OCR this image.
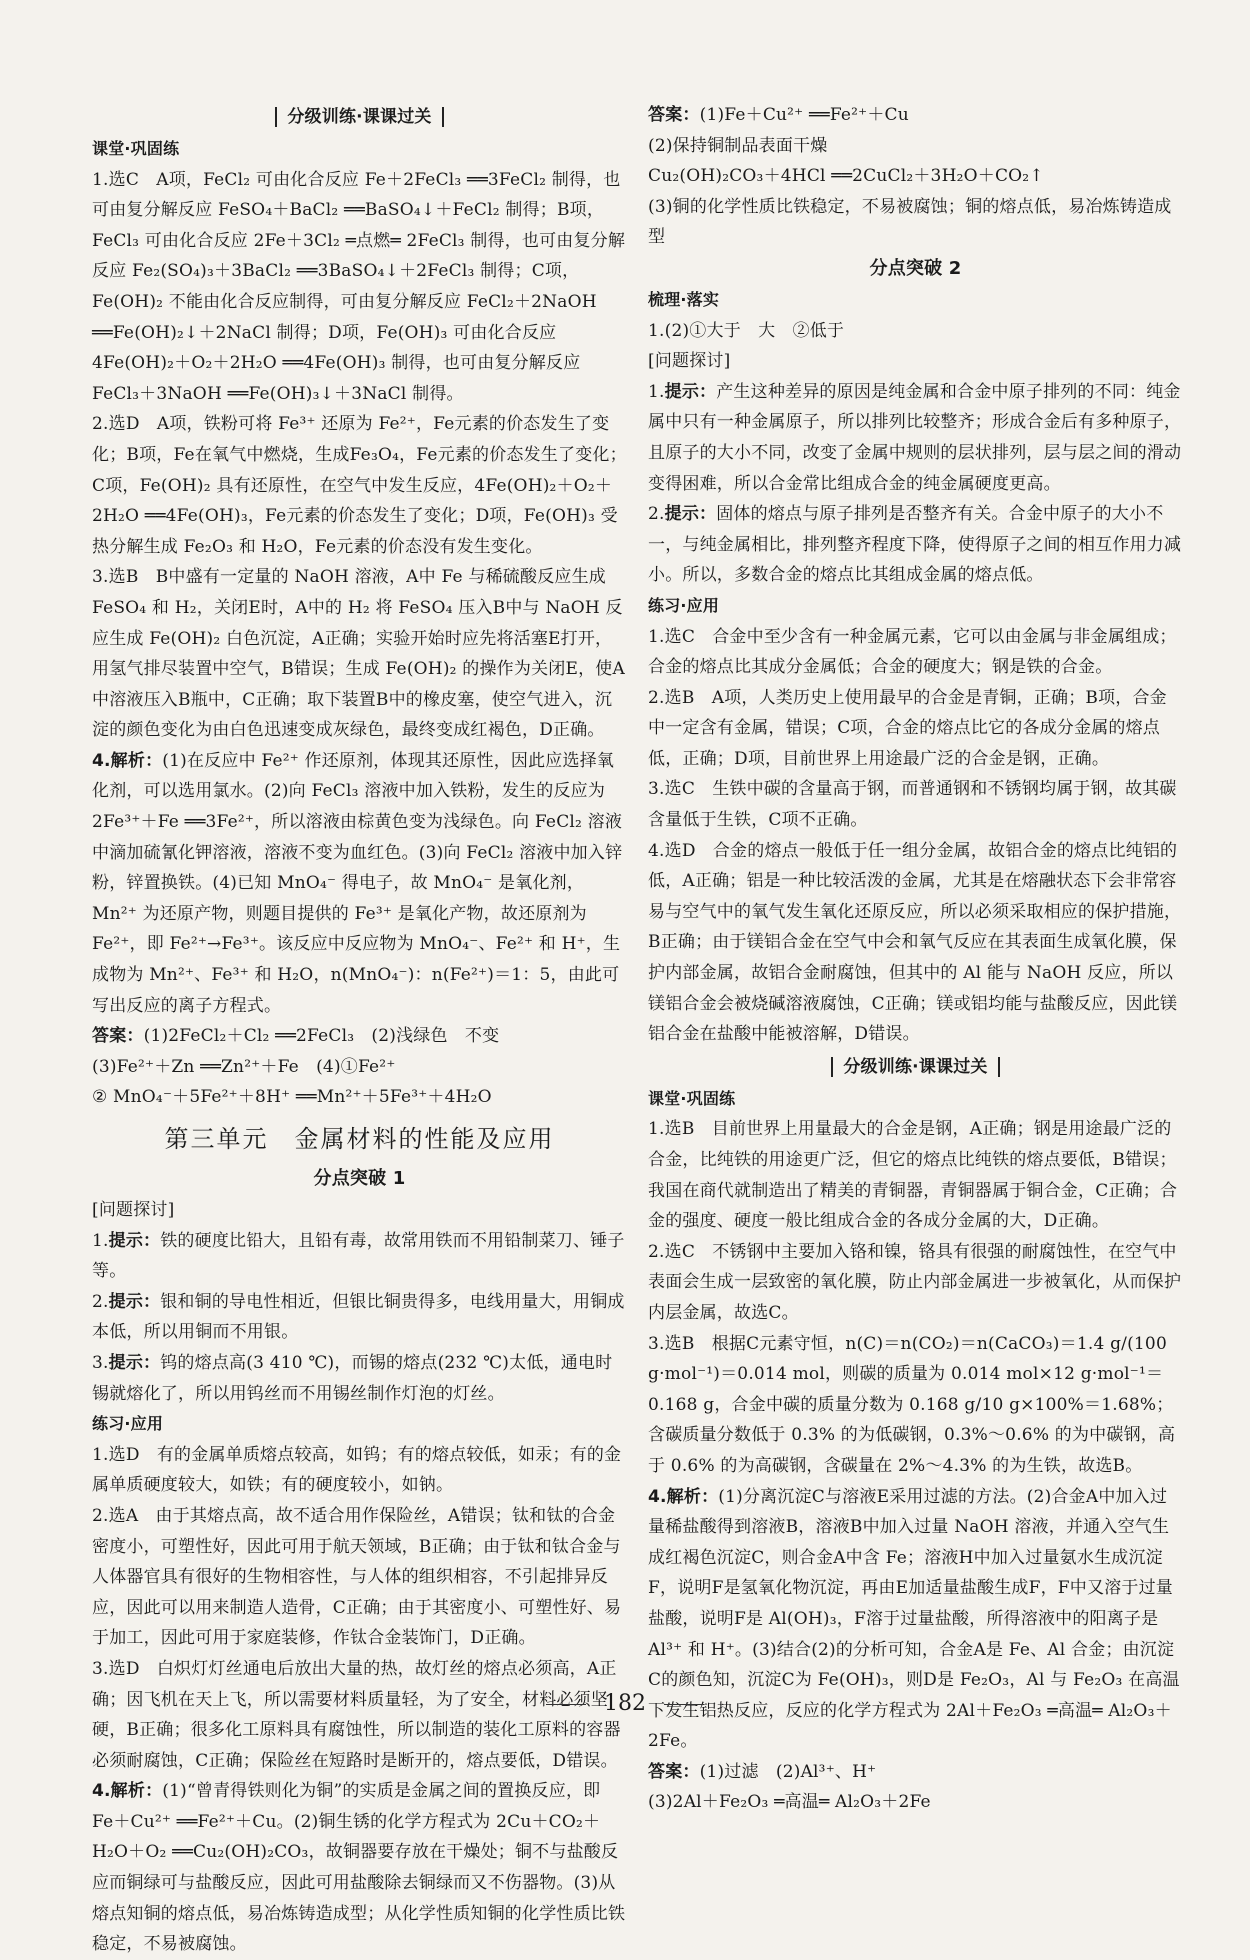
分级训练·课课过关
课堂·巩固练

1.选C　A项，FeCl₂ 可由化合反应 Fe＋2FeCl₃ ══3FeCl₂ 制得，也可由复分解反应 FeSO₄＋BaCl₂ ══BaSO₄↓＋FeCl₂ 制得；B项，FeCl₃ 可由化合反应 2Fe＋3Cl₂ ═点燃═ 2FeCl₃ 制得，也可由复分解反应 Fe₂(SO₄)₃＋3BaCl₂ ══3BaSO₄↓＋2FeCl₃ 制得；C项，Fe(OH)₂ 不能由化合反应制得，可由复分解反应 FeCl₂＋2NaOH ══Fe(OH)₂↓＋2NaCl 制得；D项，Fe(OH)₃ 可由化合反应 4Fe(OH)₂＋O₂＋2H₂O ══4Fe(OH)₃ 制得，也可由复分解反应 FeCl₃＋3NaOH ══Fe(OH)₃↓＋3NaCl 制得。

2.选D　A项，铁粉可将 Fe³⁺ 还原为 Fe²⁺，Fe元素的价态发生了变化；B项，Fe在氧气中燃烧，生成Fe₃O₄，Fe元素的价态发生了变化；C项，Fe(OH)₂ 具有还原性，在空气中发生反应，4Fe(OH)₂＋O₂＋2H₂O ══4Fe(OH)₃，Fe元素的价态发生了变化；D项，Fe(OH)₃ 受热分解生成 Fe₂O₃ 和 H₂O，Fe元素的价态没有发生变化。

3.选B　B中盛有一定量的 NaOH 溶液，A中 Fe 与稀硫酸反应生成 FeSO₄ 和 H₂，关闭E时，A中的 H₂ 将 FeSO₄ 压入B中与 NaOH 反应生成 Fe(OH)₂ 白色沉淀，A正确；实验开始时应先将活塞E打开，用氢气排尽装置中空气，B错误；生成 Fe(OH)₂ 的操作为关闭E，使A中溶液压入B瓶中，C正确；取下装置B中的橡皮塞，使空气进入，沉淀的颜色变化为由白色迅速变成灰绿色，最终变成红褐色，D正确。

4.解析：(1)在反应中 Fe²⁺ 作还原剂，体现其还原性，因此应选择氧化剂，可以选用氯水。(2)向 FeCl₃ 溶液中加入铁粉，发生的反应为 2Fe³⁺＋Fe ══3Fe²⁺，所以溶液由棕黄色变为浅绿色。向 FeCl₂ 溶液中滴加硫氰化钾溶液，溶液不变为血红色。(3)向 FeCl₂ 溶液中加入锌粉，锌置换铁。(4)已知 MnO₄⁻ 得电子，故 MnO₄⁻ 是氧化剂，Mn²⁺ 为还原产物，则题目提供的 Fe³⁺ 是氧化产物，故还原剂为 Fe²⁺，即 Fe²⁺→Fe³⁺。该反应中反应物为 MnO₄⁻、Fe²⁺ 和 H⁺，生成物为 Mn²⁺、Fe³⁺ 和 H₂O，n(MnO₄⁻)：n(Fe²⁺)＝1：5，由此可写出反应的离子方程式。

答案：(1)2FeCl₂＋Cl₂ ══2FeCl₃　(2)浅绿色　不变

(3)Fe²⁺＋Zn ══Zn²⁺＋Fe　(4)①Fe²⁺

② MnO₄⁻＋5Fe²⁺＋8H⁺ ══Mn²⁺＋5Fe³⁺＋4H₂O

第三单元 金属材料的性能及应用
分点突破 1

[问题探讨]

1.提示：铁的硬度比铅大，且铅有毒，故常用铁而不用铅制菜刀、锤子等。

2.提示：银和铜的导电性相近，但银比铜贵得多，电线用量大，用铜成本低，所以用铜而不用银。

3.提示：钨的熔点高(3 410 ℃)，而锡的熔点(232 ℃)太低，通电时锡就熔化了，所以用钨丝而不用锡丝制作灯泡的灯丝。

练习·应用

1.选D　有的金属单质熔点较高，如钨；有的熔点较低，如汞；有的金属单质硬度较大，如铁；有的硬度较小，如钠。

2.选A　由于其熔点高，故不适合用作保险丝，A错误；钛和钛的合金密度小，可塑性好，因此可用于航天领域，B正确；由于钛和钛合金与人体器官具有很好的生物相容性，与人体的组织相容，不引起排异反应，因此可以用来制造人造骨，C正确；由于其密度小、可塑性好、易于加工，因此可用于家庭装修，作钛合金装饰门，D正确。

3.选D　白炽灯灯丝通电后放出大量的热，故灯丝的熔点必须高，A正确；因飞机在天上飞，所以需要材料质量轻，为了安全，材料必须坚硬，B正确；很多化工原料具有腐蚀性，所以制造的装化工原料的容器必须耐腐蚀，C正确；保险丝在短路时是断开的，熔点要低，D错误。

4.解析：(1)“曾青得铁则化为铜”的实质是金属之间的置换反应，即 Fe＋Cu²⁺ ══Fe²⁺＋Cu。(2)铜生锈的化学方程式为 2Cu＋CO₂＋H₂O＋O₂ ══Cu₂(OH)₂CO₃，故铜器要存放在干燥处；铜不与盐酸反应而铜绿可与盐酸反应，因此可用盐酸除去铜绿而又不伤器物。(3)从熔点知铜的熔点低，易冶炼铸造成型；从化学性质知铜的化学性质比铁稳定，不易被腐蚀。

答案：(1)Fe＋Cu²⁺ ══Fe²⁺＋Cu

(2)保持铜制品表面干燥

Cu₂(OH)₂CO₃＋4HCl ══2CuCl₂＋3H₂O＋CO₂↑

(3)铜的化学性质比铁稳定，不易被腐蚀；铜的熔点低，易冶炼铸造成型

分点突破 2
梳理·落实

1.(2)①大于　大　②低于

[问题探讨]

1.提示：产生这种差异的原因是纯金属和合金中原子排列的不同：纯金属中只有一种金属原子，所以排列比较整齐；形成合金后有多种原子，且原子的大小不同，改变了金属中规则的层状排列，层与层之间的滑动变得困难，所以合金常比组成合金的纯金属硬度更高。

2.提示：固体的熔点与原子排列是否整齐有关。合金中原子的大小不一，与纯金属相比，排列整齐程度下降，使得原子之间的相互作用力减小。所以，多数合金的熔点比其组成金属的熔点低。

练习·应用

1.选C　合金中至少含有一种金属元素，它可以由金属与非金属组成；合金的熔点比其成分金属低；合金的硬度大；钢是铁的合金。

2.选B　A项，人类历史上使用最早的合金是青铜，正确；B项，合金中一定含有金属，错误；C项，合金的熔点比它的各成分金属的熔点低，正确；D项，目前世界上用途最广泛的合金是钢，正确。

3.选C　生铁中碳的含量高于钢，而普通钢和不锈钢均属于钢，故其碳含量低于生铁，C项不正确。

4.选D　合金的熔点一般低于任一组分金属，故铝合金的熔点比纯铝的低，A正确；铝是一种比较活泼的金属，尤其是在熔融状态下会非常容易与空气中的氧气发生氧化还原反应，所以必须采取相应的保护措施，B正确；由于镁铝合金在空气中会和氧气反应在其表面生成氧化膜，保护内部金属，故铝合金耐腐蚀，但其中的 Al 能与 NaOH 反应，所以镁铝合金会被烧碱溶液腐蚀，C正确；镁或铝均能与盐酸反应，因此镁铝合金在盐酸中能被溶解，D错误。

分级训练·课课过关
课堂·巩固练

1.选B　目前世界上用量最大的合金是钢，A正确；钢是用途最广泛的合金，比纯铁的用途更广泛，但它的熔点比纯铁的熔点要低，B错误；我国在商代就制造出了精美的青铜器，青铜器属于铜合金，C正确；合金的强度、硬度一般比组成合金的各成分金属的大，D正确。

2.选C　不锈钢中主要加入铬和镍，铬具有很强的耐腐蚀性，在空气中表面会生成一层致密的氧化膜，防止内部金属进一步被氧化，从而保护内层金属，故选C。

3.选B　根据C元素守恒，n(C)＝n(CO₂)＝n(CaCO₃)＝1.4 g/(100 g·mol⁻¹)＝0.014 mol，则碳的质量为 0.014 mol×12 g·mol⁻¹＝0.168 g，合金中碳的质量分数为 0.168 g/10 g×100%＝1.68%；含碳质量分数低于 0.3% 的为低碳钢，0.3%～0.6% 的为中碳钢，高于 0.6% 的为高碳钢，含碳量在 2%～4.3% 的为生铁，故选B。

4.解析：(1)分离沉淀C与溶液E采用过滤的方法。(2)合金A中加入过量稀盐酸得到溶液B，溶液B中加入过量 NaOH 溶液，并通入空气生成红褐色沉淀C，则合金A中含 Fe；溶液H中加入过量氨水生成沉淀F，说明F是氢氧化物沉淀，再由E加适量盐酸生成F，F中又溶于过量盐酸，说明F是 Al(OH)₃，F溶于过量盐酸，所得溶液中的阳离子是 Al³⁺ 和 H⁺。(3)结合(2)的分析可知，合金A是 Fe、Al 合金；由沉淀C的颜色知，沉淀C为 Fe(OH)₃，则D是 Fe₂O₃，Al 与 Fe₂O₃ 在高温下发生铝热反应，反应的化学方程式为 2Al＋Fe₂O₃ ═高温═ Al₂O₃＋2Fe。

答案：(1)过滤　(2)Al³⁺、H⁺

(3)2Al＋Fe₂O₃ ═高温═ Al₂O₃＋2Fe

182
